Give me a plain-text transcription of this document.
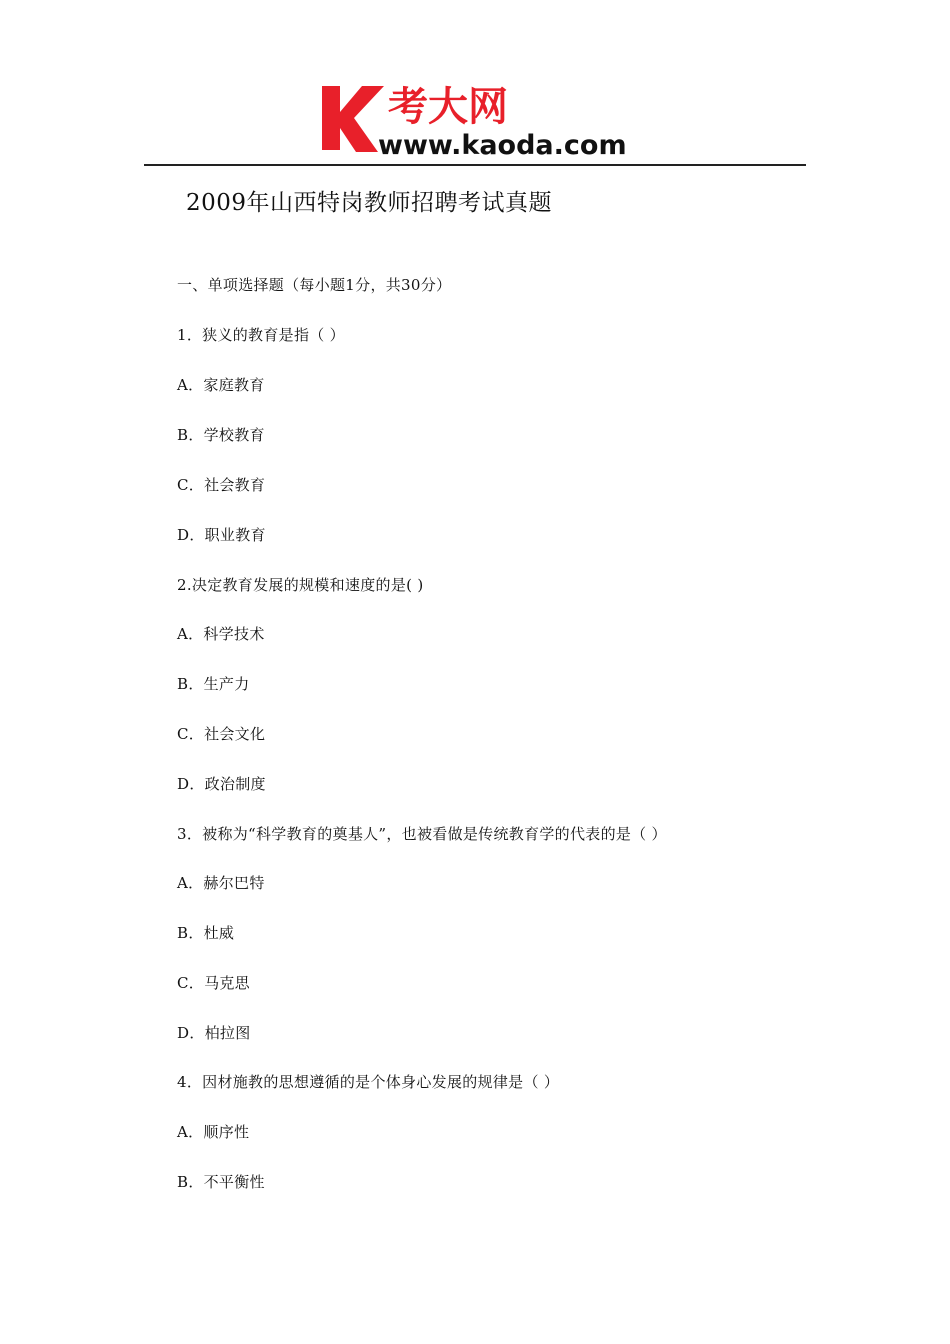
考大网
www.kaoda.com
2009年山西特岗教师招聘考试真题
一、单项选择题（每小题1分，共30分）
1．狭义的教育是指（ ）
A．家庭教育
B．学校教育
C．社会教育
D．职业教育
2.决定教育发展的规模和速度的是( )
A．科学技术
B．生产力
C．社会文化
D．政治制度
3．被称为“科学教育的奠基人”，也被看做是传统教育学的代表的是（ ）
A．赫尔巴特
B．杜威
C．马克思
D．柏拉图
4．因材施教的思想遵循的是个体身心发展的规律是（ ）
A．顺序性
B．不平衡性
